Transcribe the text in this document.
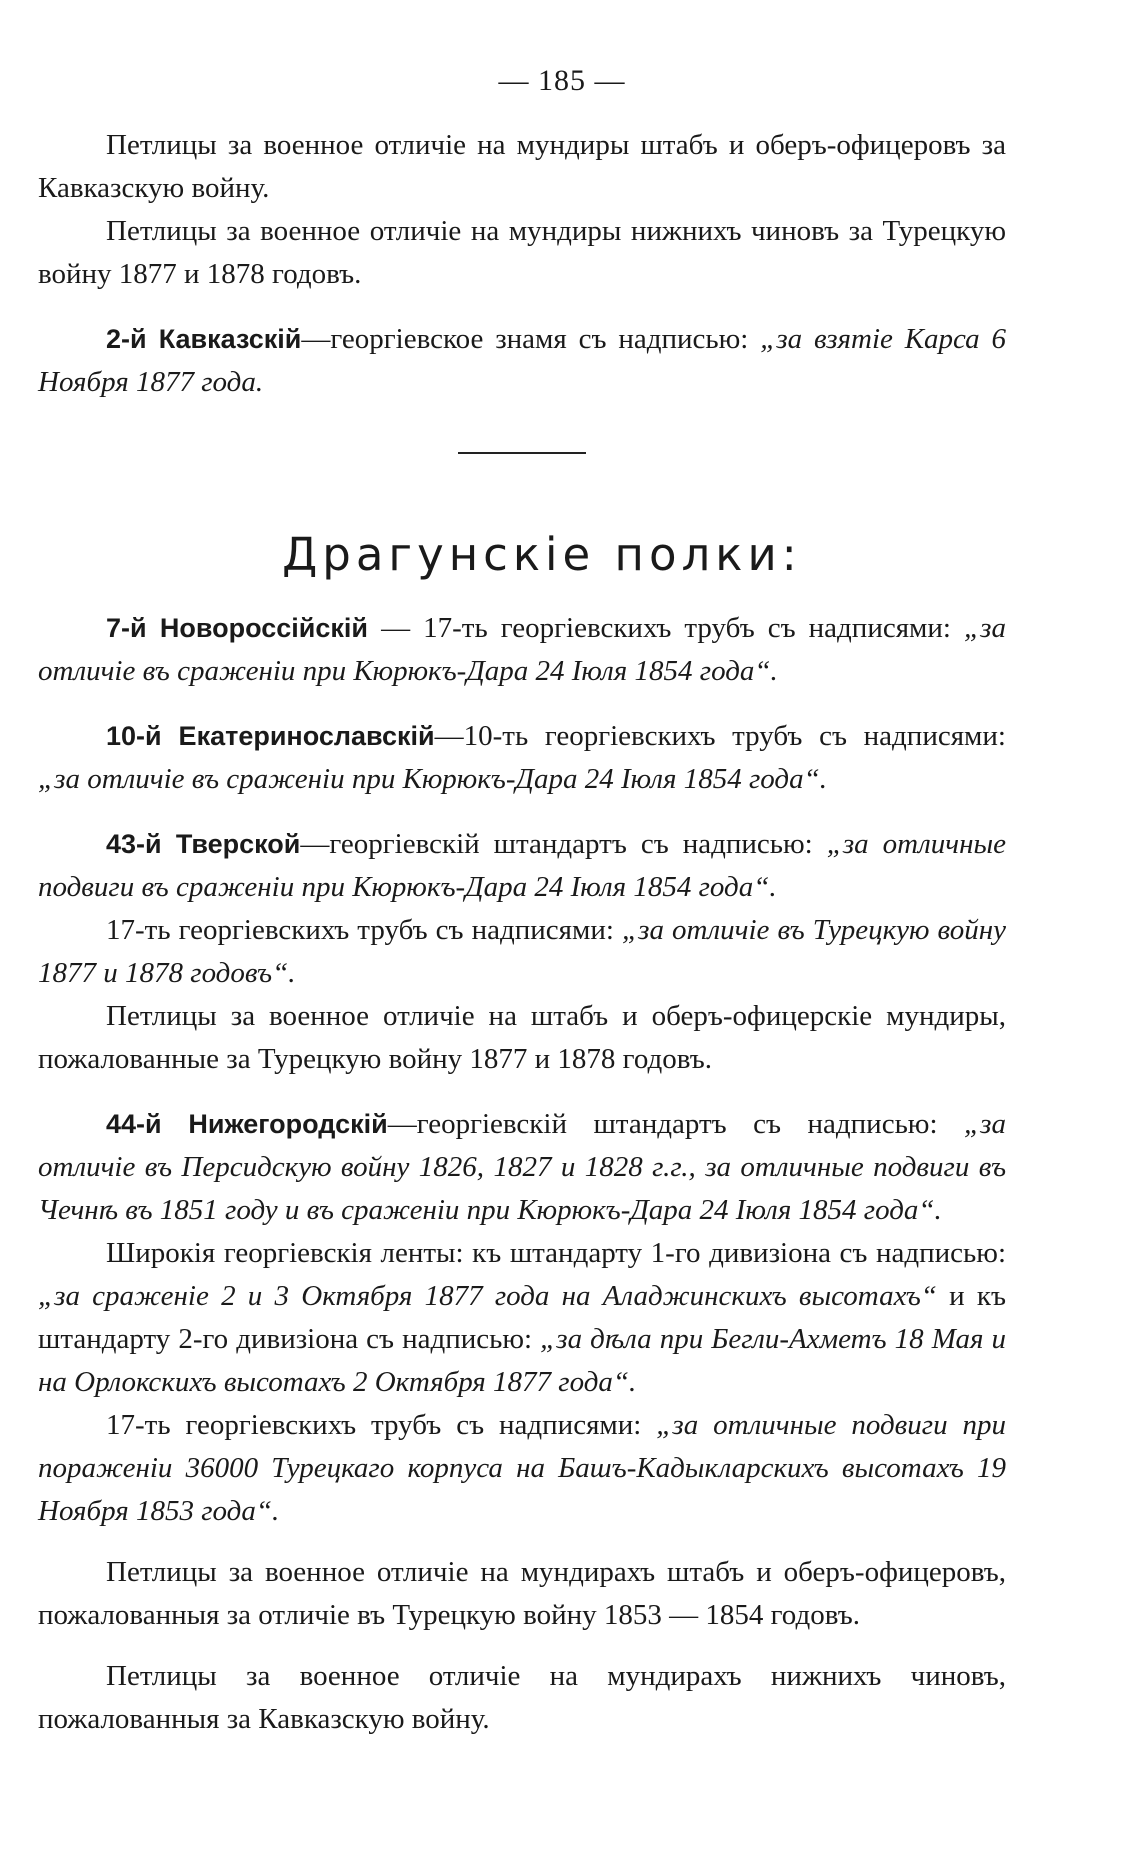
— 185 —

Петлицы за военное отличіе на мундиры штабъ и оберъ-офицеровъ за Кавказскую войну.

Петлицы за военное отличіе на мундиры нижнихъ чиновъ за Турецкую войну 1877 и 1878 годовъ.

2-й Кавказскій—георгіевское знамя съ надписью: „за взятіе Карса 6 Ноября 1877 года.

Драгунскіе полки:

7-й Новороссійскій — 17-ть георгіевскихъ трубъ съ надписями: „за отличіе въ сраженіи при Кюрюкъ-Дара 24 Іюля 1854 года“.

10-й Екатеринославскій—10-ть георгіевскихъ трубъ съ надписями: „за отличіе въ сраженіи при Кюрюкъ-Дара 24 Іюля 1854 года“.

43-й Тверской—георгіевскій штандартъ съ надписью: „за отличные подвиги въ сраженіи при Кюрюкъ-Дара 24 Іюля 1854 года“.

17-ть георгіевскихъ трубъ съ надписями: „за отличіе въ Турецкую войну 1877 и 1878 годовъ“.

Петлицы за военное отличіе на штабъ и оберъ-офицерскіе мундиры, пожалованные за Турецкую войну 1877 и 1878 годовъ.

44-й Нижегородскій—георгіевскій штандартъ съ надписью: „за отличіе въ Персидскую войну 1826, 1827 и 1828 г.г., за отличные подвиги въ Чечнѣ въ 1851 году и въ сраженіи при Кюрюкъ-Дара 24 Іюля 1854 года“.

Широкія георгіевскія ленты: къ штандарту 1-го дивизіона съ надписью: „за сраженіе 2 и 3 Октября 1877 года на Аладжинскихъ высотахъ“ и къ штандарту 2-го дивизіона съ надписью: „за дѣла при Бегли-Ахметъ 18 Мая и на Орлокскихъ высотахъ 2 Октября 1877 года“.

17-ть георгіевскихъ трубъ съ надписями: „за отличные подвиги при пораженіи 36000 Турецкаго корпуса на Башъ-Кадыкларскихъ высотахъ 19 Ноября 1853 года“.

Петлицы за военное отличіе на мундирахъ штабъ и оберъ-офицеровъ, пожалованныя за отличіе въ Турецкую войну 1853 — 1854 годовъ.

Петлицы за военное отличіе на мундирахъ нижнихъ чиновъ, пожалованныя за Кавказскую войну.
